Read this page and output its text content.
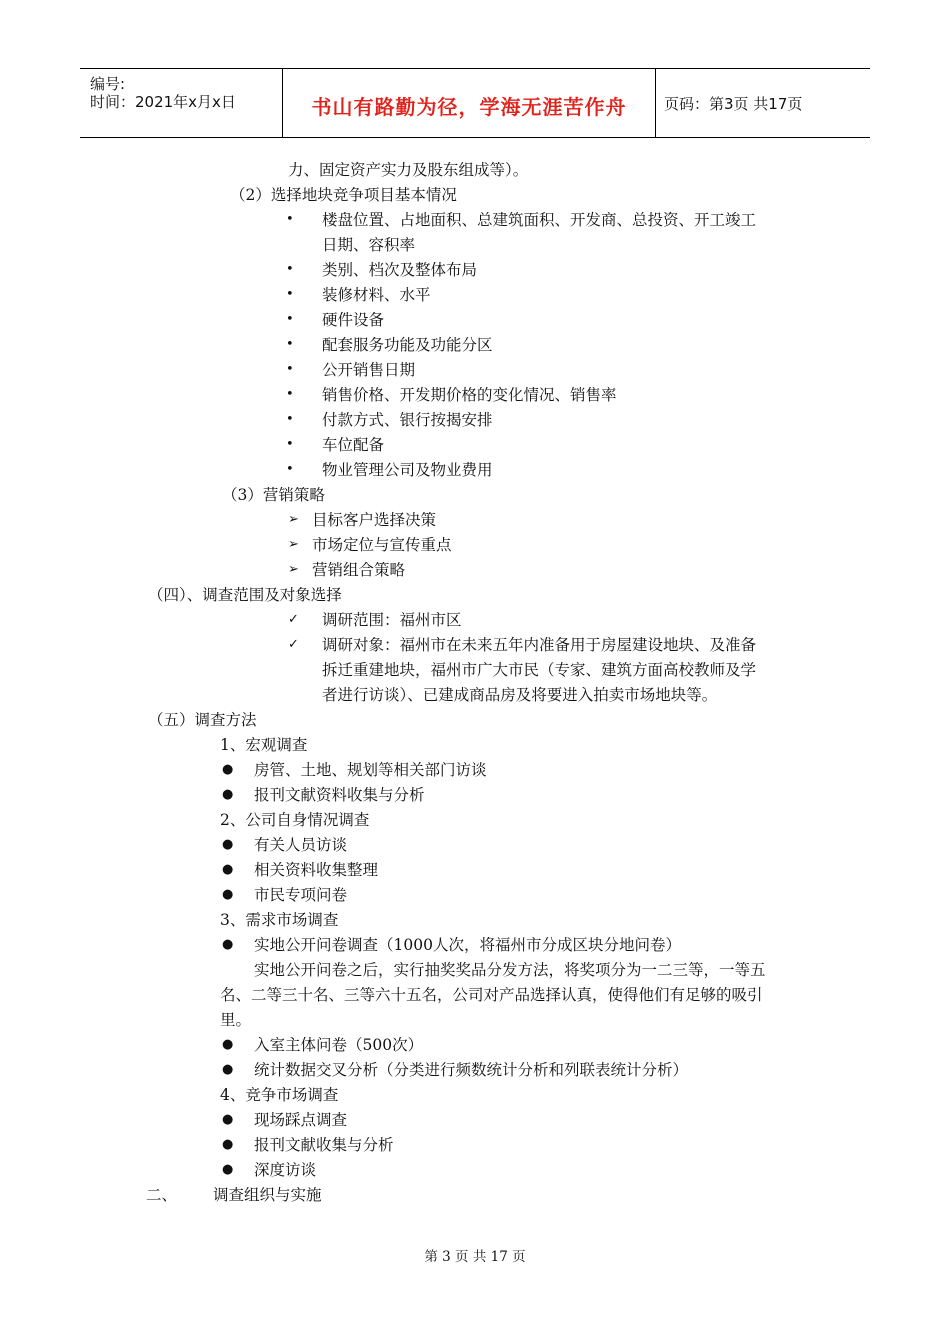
编号:
时间：2021年x月x日	书山有路勤为径，学海无涯苦作舟	页码：第3页 共17页
力、固定资产实力及股东组成等）。
（2）选择地块竞争项目基本情况
• 楼盘位置、占地面积、总建筑面积、开发商、总投资、开工竣工
日期、容积率
• 类别、档次及整体布局
• 装修材料、水平
• 硬件设备
• 配套服务功能及功能分区
• 公开销售日期
• 销售价格、开发期价格的变化情况、销售率
• 付款方式、银行按揭安排
• 车位配备
• 物业管理公司及物业费用
（3）营销策略
➢ 目标客户选择决策
➢ 市场定位与宣传重点
➢ 营销组合策略
（四）、调查范围及对象选择
✓ 调研范围：福州市区
✓ 调研对象：福州市在未来五年内准备用于房屋建设地块、及准备
拆迁重建地块，福州市广大市民（专家、建筑方面高校教师及学
者进行访谈）、已建成商品房及将要进入拍卖市场地块等。
（五）调查方法
1、宏观调查
● 房管、土地、规划等相关部门访谈
● 报刊文献资料收集与分析
2、公司自身情况调查
● 有关人员访谈
● 相关资料收集整理
● 市民专项问卷
3、需求市场调查
● 实地公开问卷调查（1000人次，将福州市分成区块分地问卷）
实地公开问卷之后，实行抽奖奖品分发方法，将奖项分为一二三等，一等五
名、二等三十名、三等六十五名，公司对产品选择认真，使得他们有足够的吸引
里。
● 入室主体问卷（500次）
● 统计数据交叉分析（分类进行频数统计分析和列联表统计分析）
4、竞争市场调查
● 现场踩点调查
● 报刊文献收集与分析
● 深度访谈
二、 调查组织与实施
第 3 页 共 17 页
